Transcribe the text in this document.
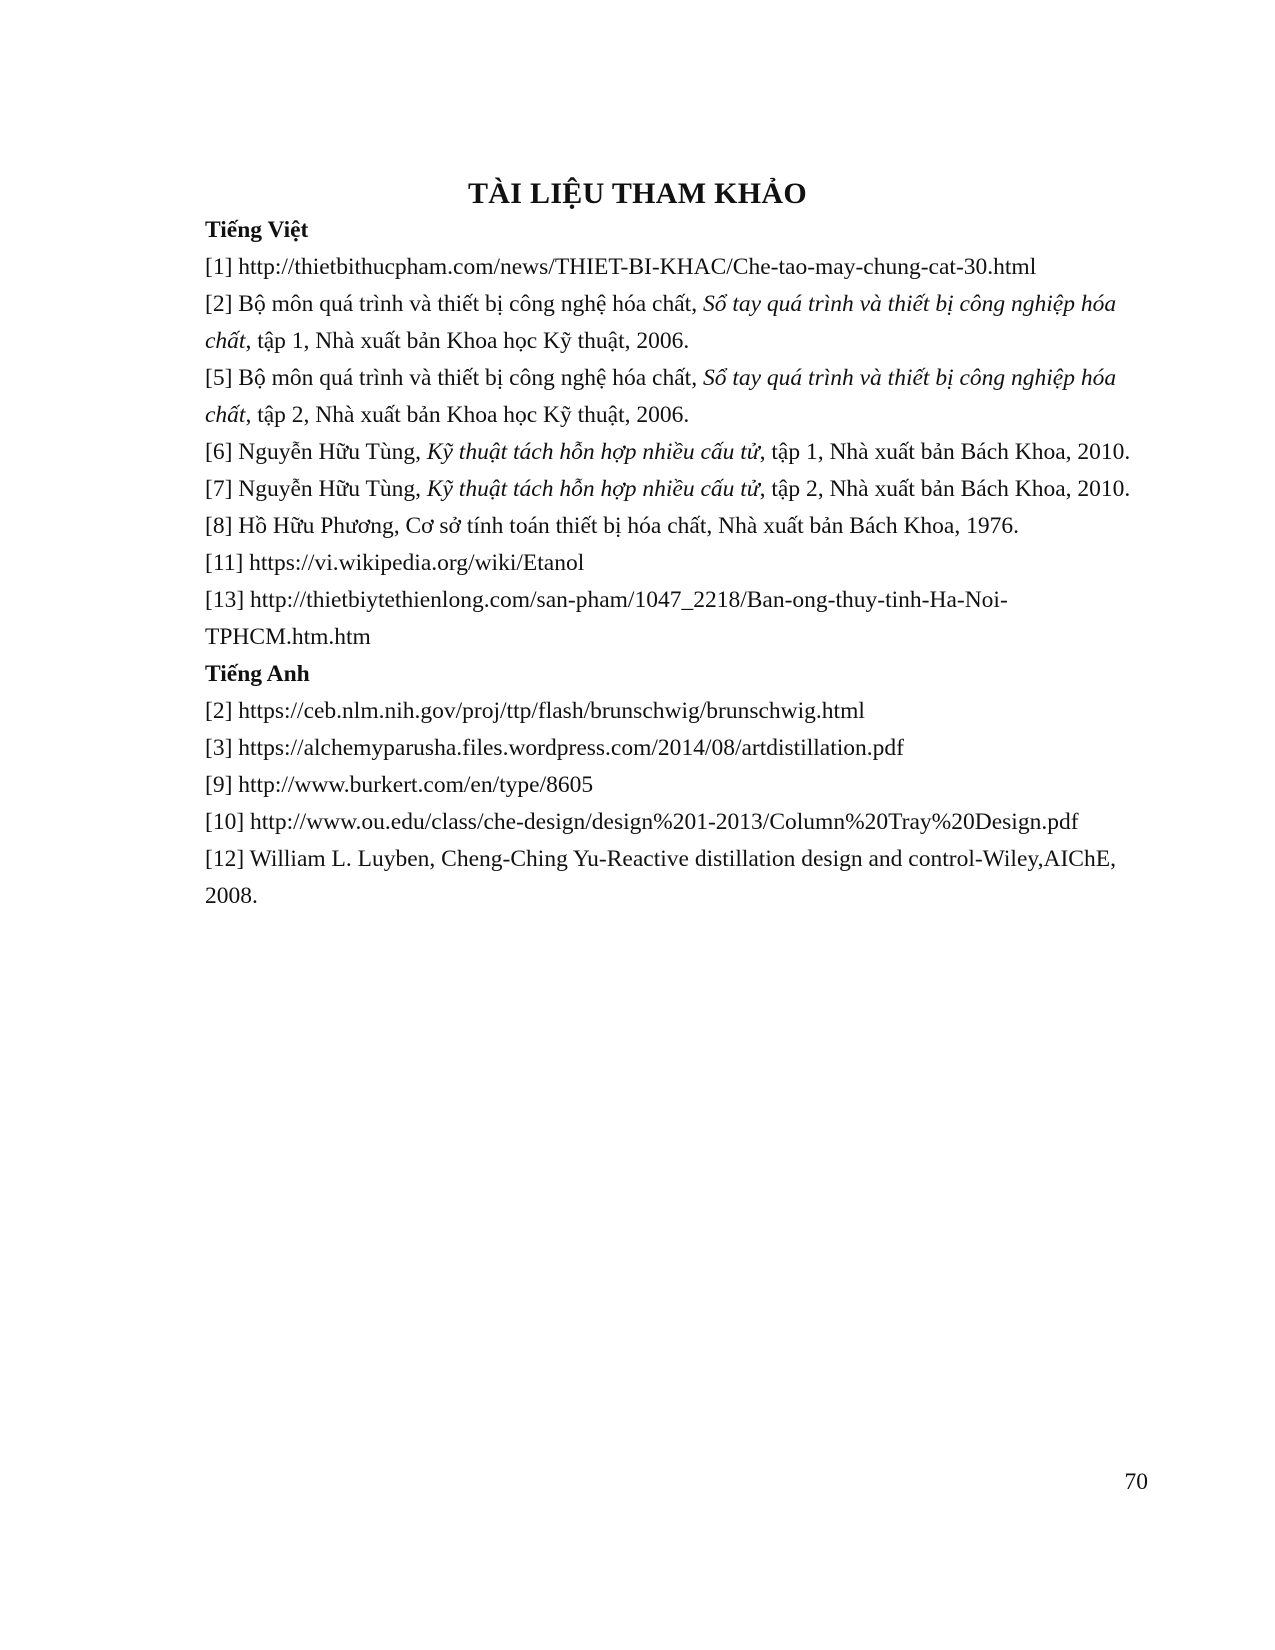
TÀI LIỆU THAM KHẢO

Tiếng Việt

[1] http://thietbithucpham.com/news/THIET-BI-KHAC/Che-tao-may-chung-cat-30.html

[2] Bộ môn quá trình và thiết bị công nghệ hóa chất, Sổ tay quá trình và thiết bị công nghiệp hóa chất, tập 1, Nhà xuất bản Khoa học Kỹ thuật, 2006.

[5] Bộ môn quá trình và thiết bị công nghệ hóa chất, Sổ tay quá trình và thiết bị công nghiệp hóa chất, tập 2, Nhà xuất bản Khoa học Kỹ thuật, 2006.

[6] Nguyễn Hữu Tùng, Kỹ thuật tách hỗn hợp nhiều cấu tử, tập 1, Nhà xuất bản Bách Khoa, 2010.

[7] Nguyễn Hữu Tùng, Kỹ thuật tách hỗn hợp nhiều cấu tử, tập 2, Nhà xuất bản Bách Khoa, 2010.

[8] Hồ Hữu Phương, Cơ sở tính toán thiết bị hóa chất, Nhà xuất bản Bách Khoa, 1976.

[11] https://vi.wikipedia.org/wiki/Etanol

[13] http://thietbiytethienlong.com/san-pham/1047_2218/Ban-ong-thuy-tinh-Ha-Noi-TPHCM.htm.htm

Tiếng Anh

[2] https://ceb.nlm.nih.gov/proj/ttp/flash/brunschwig/brunschwig.html

[3] https://alchemyparusha.files.wordpress.com/2014/08/artdistillation.pdf

[9] http://www.burkert.com/en/type/8605

[10] http://www.ou.edu/class/che-design/design%201-2013/Column%20Tray%20Design.pdf

[12] William L. Luyben, Cheng-Ching Yu-Reactive distillation design and control-Wiley,AIChE, 2008.

70
